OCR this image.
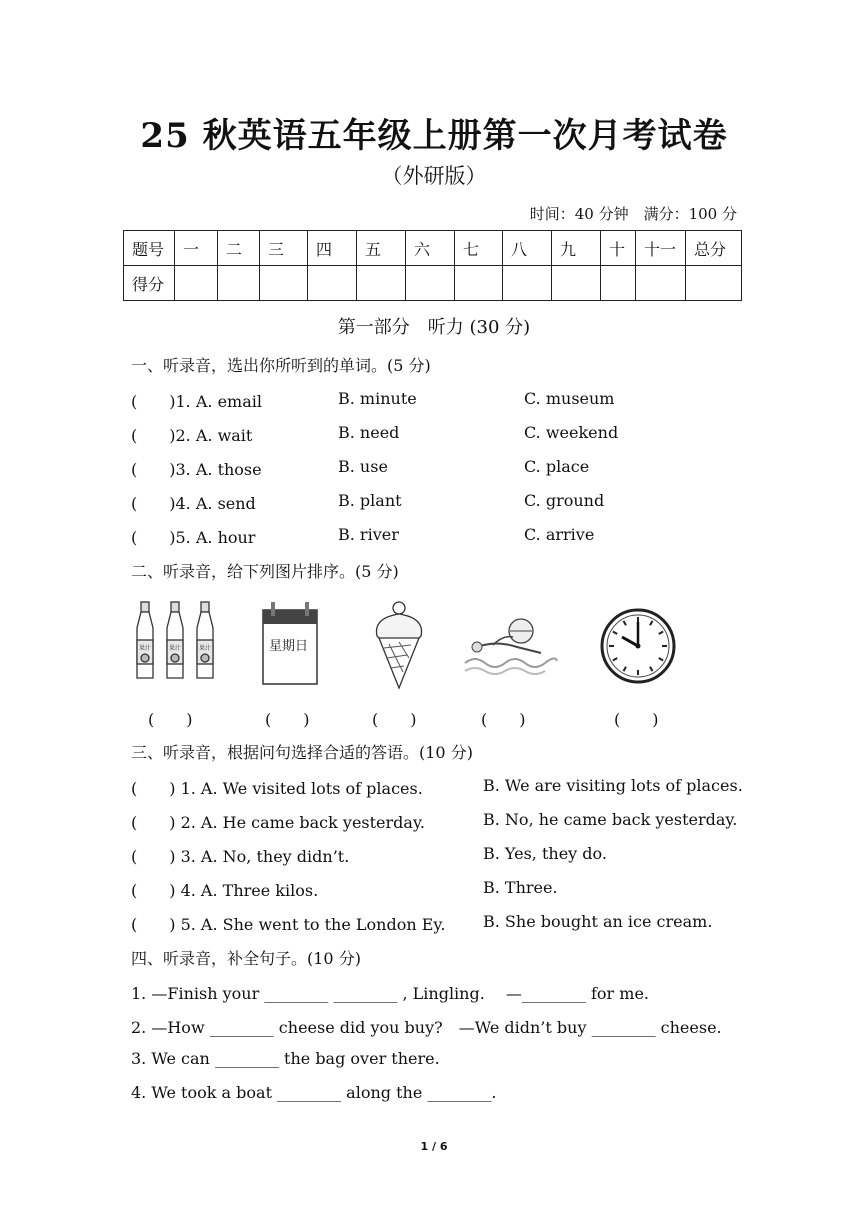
25 秋英语五年级上册第一次月考试卷
（外研版）
时间：40 分钟　满分：100 分
题号	一	二	三	四	五	六	七	八	九	十	十一	总分
得分												
第一部分　听力 (30 分)
一、听录音，选出你所听到的单词。(5 分)
(　　)1. A. email	B. minute	C. museum
(　　)2. A. wait	B. need	C. weekend
(　　)3. A. those	B. use	C. place
(　　)4. A. send	B. plant	C. ground
(　　)5. A. hour	B. river	C. arrive
二、听录音，给下列图片排序。(5 分)
果汁	果汁	果汁	星期日
(　　)	(　　)	(　　)	(　　)	(　　)
三、听录音，根据问句选择合适的答语。(10 分)
(　　) 1. A. We visited lots of places.	B. We are visiting lots of places.
(　　) 2. A. He came back yesterday.	B. No, he came back yesterday.
(　　) 3. A. No, they didn’t.	B. Yes, they do.
(　　) 4. A. Three kilos.	B. Three.
(　　) 5. A. She went to the London Ey. B. She bought an ice cream.
四、听录音，补全句子。(10 分)
1. —Finish your ________ ________ , Lingling.　 —________ for me.
2. —How ________ cheese did you buy?　—We didn’t buy ________ cheese.
3. We can ________ the bag over there.
4. We took a boat ________ along the ________.
1 / 6
